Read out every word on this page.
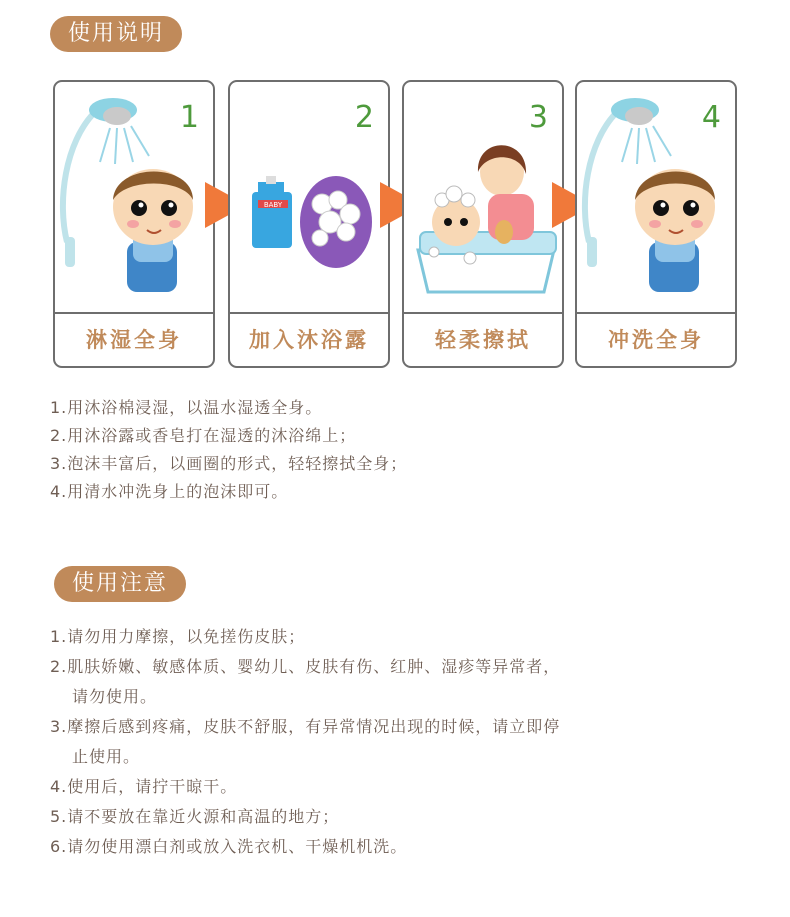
使用说明
1
淋湿全身
BABY
2
加入沐浴露
3
轻柔擦拭
4
冲洗全身
1.用沐浴棉浸湿，以温水湿透全身。
2.用沐浴露或香皂打在湿透的沐浴绵上；
3.泡沫丰富后，以画圈的形式，轻轻擦拭全身；
4.用清水冲洗身上的泡沫即可。
使用注意
1.请勿用力摩擦，以免搓伤皮肤；
2.肌肤娇嫩、敏感体质、婴幼儿、皮肤有伤、红肿、湿疹等异常者，
请勿使用。
3.摩擦后感到疼痛，皮肤不舒服，有异常情况出现的时候，请立即停
止使用。
4.使用后，请拧干晾干。
5.请不要放在靠近火源和高温的地方；
6.请勿使用漂白剂或放入洗衣机、干燥机机洗。
